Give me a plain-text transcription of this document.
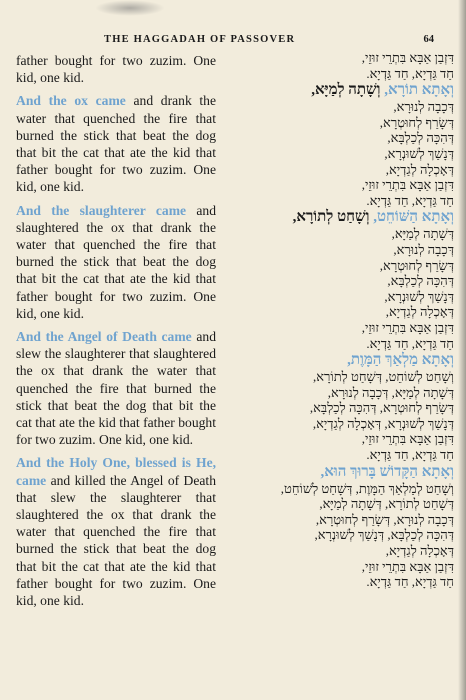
THE HAGGADAH OF PASSOVER	64

father bought for two zuzim. One kid, one kid.

And the ox came and drank the water that quenched the fire that burned the stick that beat the dog that bit the cat that ate the kid that father bought for two zuzim. One kid, one kid.

And the slaughterer came and slaughtered the ox that drank the water that quenched the fire that burned the stick that beat the dog that bit the cat that ate the kid that father bought for two zuzim. One kid, one kid.

And the Angel of Death came and slew the slaughterer that slaughtered the ox that drank the water that quenched the fire that burned the stick that beat the dog that bit the cat that ate the kid that father bought for two zuzim. One kid, one kid.

And the Holy One, blessed is He, came and killed the Angel of Death that slew the slaughterer that slaughtered the ox that drank the water that quenched the fire that burned the stick that beat the dog that bit the cat that ate the kid that father bought for two zuzim. One kid, one kid.

דִּזְבַן אַבָּא בִּתְרֵי זוּזֵי,
חַד גַּדְיָא, חַד גַּדְיָא.
וְאָתָא תוֹרָא, וְשָׁתָה לְמַיָּא,
דְּכָבָה לְנוּרָא,
דְּשָׂרַף לְחוּטְרָא,
דְּהִכָּה לְכַלְבָּא,
דְּנָשַׁךְ לְשׁוּנְרָא,
דְּאָכְלָה לְגַדְיָא,
דִּזְבַן אַבָּא בִּתְרֵי זוּזֵי,
חַד גַּדְיָא, חַד גַּדְיָא.
וְאָתָא הַשּׁוֹחֵט, וְשָׁחַט לְתוֹרָא,
דְּשָׁתָה לְמַיָּא,
דְּכָבָה לְנוּרָא,
דְּשָׂרַף לְחוּטְרָא,
דְּהִכָּה לְכַלְבָּא,
דְּנָשַׁךְ לְשׁוּנְרָא,
דְּאָכְלָה לְגַדְיָא,
דִּזְבַן אַבָּא בִּתְרֵי זוּזֵי,
חַד גַּדְיָא, חַד גַּדְיָא.
וְאָתָא מַלְאַךְ הַמָּוֶת,
וְשָׁחַט לְשׁוֹחֵט, דְּשָׁחַט לְתוֹרָא,
דְּשָׁתָה לְמַיָּא, דְּכָבָה לְנוּרָא,
דְּשָׂרַף לְחוּטְרָא, דְּהִכָּה לְכַלְבָּא,
דְּנָשַׁךְ לְשׁוּנְרָא, דְּאָכְלָה לְגַדְיָא,
דִּזְבַן אַבָּא בִּתְרֵי זוּזֵי,
חַד גַּדְיָא, חַד גַּדְיָא.
וְאָתָא הַקָּדוֹשׁ בָּרוּךְ הוּא,
וְשָׁחַט לְמַלְאַךְ הַמָּוֶת, דְּשָׁחַט לְשׁוֹחֵט,
דְּשָׁחַט לְתוֹרָא, דְּשָׁתָה לְמַיָּא,
דְּכָבָה לְנוּרָא, דְּשָׂרַף לְחוּטְרָא,
דְּהִכָּה לְכַלְבָּא, דְּנָשַׁךְ לְשׁוּנְרָא,
דְּאָכְלָה לְגַדְיָא,
דִּזְבַן אַבָּא בִּתְרֵי זוּזֵי,
חַד גַּדְיָא, חַד גַּדְיָא.
